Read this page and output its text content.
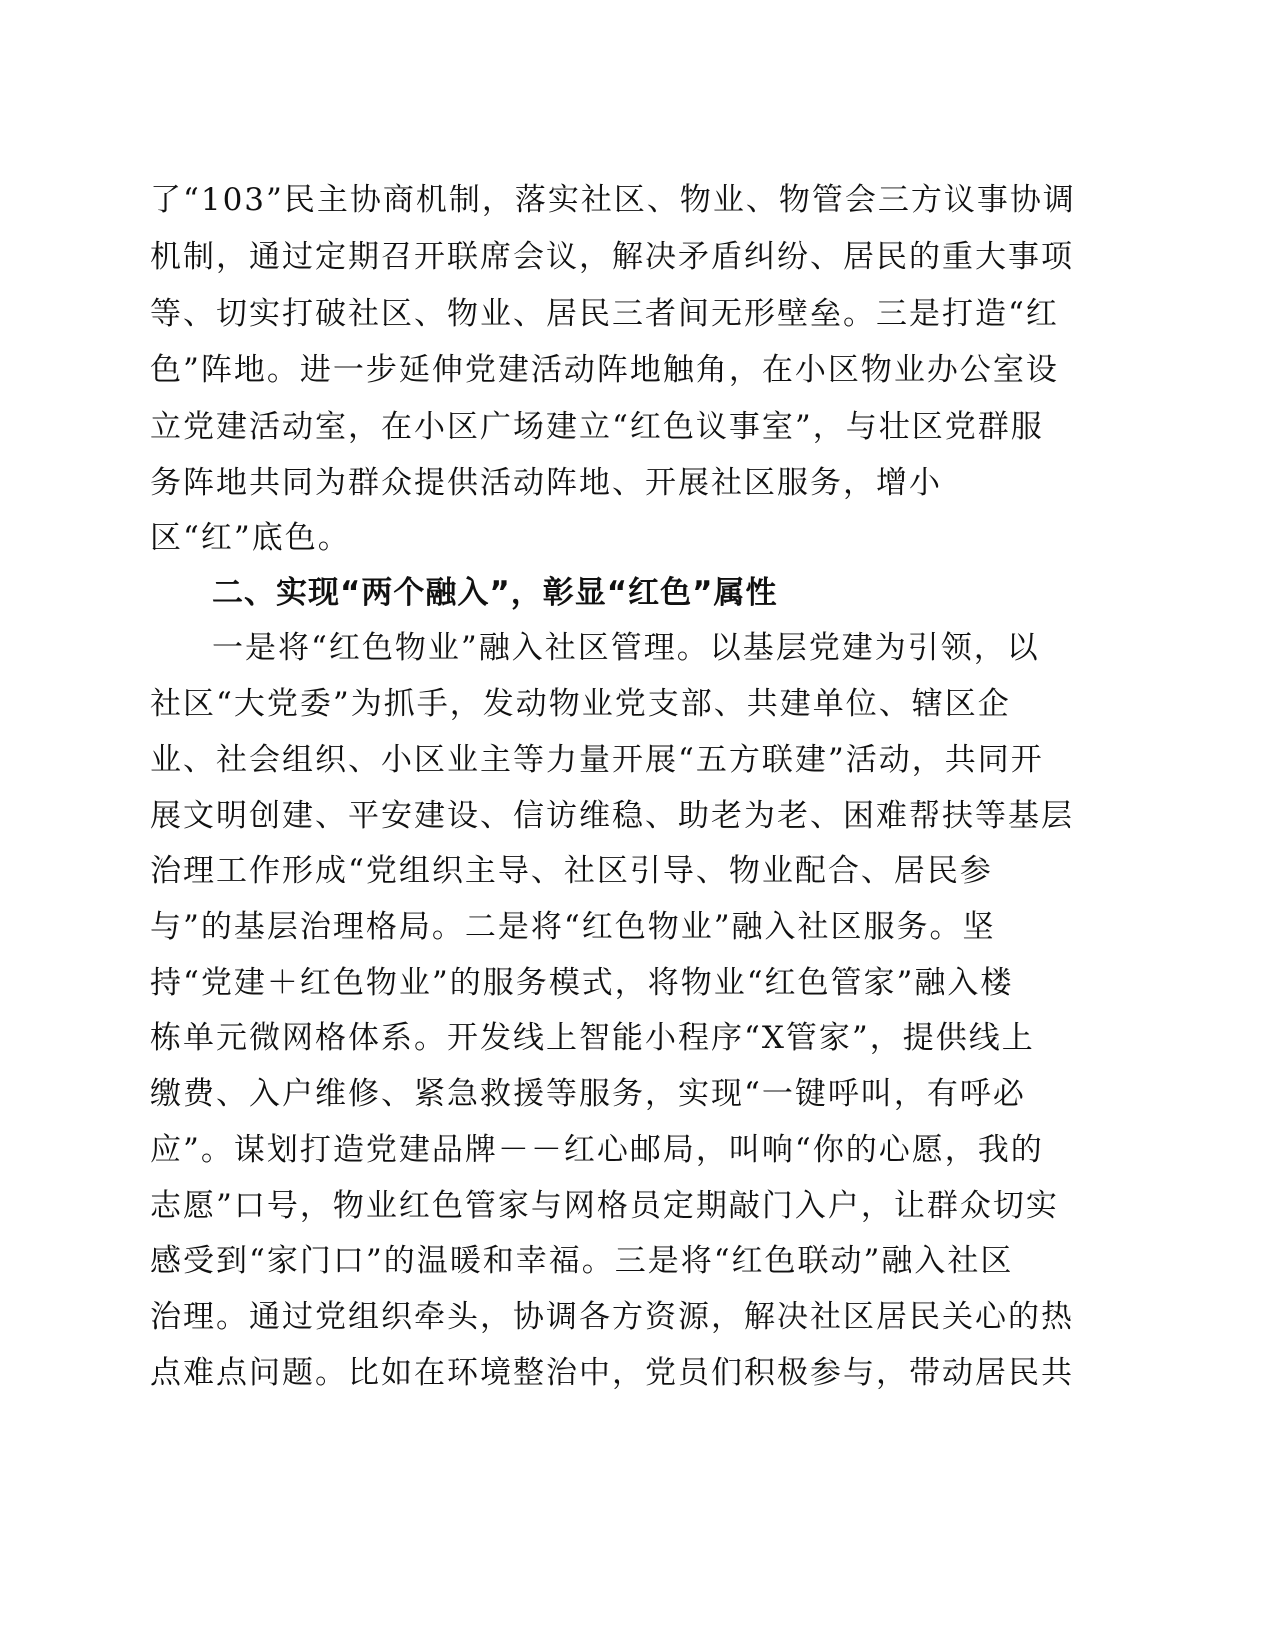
了“103”民主协商机制，落实社区、物业、物管会三方议事协调
机制，通过定期召开联席会议，解决矛盾纠纷、居民的重大事项
等、切实打破社区、物业、居民三者间无形壁垒。三是打造“红
色”阵地。进一步延伸党建活动阵地触角，在小区物业办公室设
立党建活动室，在小区广场建立“红色议事室”，与壮区党群服
务阵地共同为群众提供活动阵地、开展社区服务，增小
区“红”底色。
二、实现“两个融入”，彰显“红色”属性
一是将“红色物业”融入社区管理。以基层党建为引领，以
社区“大党委”为抓手，发动物业党支部、共建单位、辖区企
业、社会组织、小区业主等力量开展“五方联建”活动，共同开
展文明创建、平安建设、信访维稳、助老为老、困难帮扶等基层
治理工作形成“党组织主导、社区引导、物业配合、居民参
与”的基层治理格局。二是将“红色物业”融入社区服务。坚
持“党建＋红色物业”的服务模式，将物业“红色管家”融入楼
栋单元微网格体系。开发线上智能小程序“X管家”，提供线上
缴费、入户维修、紧急救援等服务，实现“一键呼叫，有呼必
应”。谋划打造党建品牌－－红心邮局，叫响“你的心愿，我的
志愿”口号，物业红色管家与网格员定期敲门入户，让群众切实
感受到“家门口”的温暖和幸福。三是将“红色联动”融入社区
治理。通过党组织牵头，协调各方资源，解决社区居民关心的热
点难点问题。比如在环境整治中，党员们积极参与，带动居民共
